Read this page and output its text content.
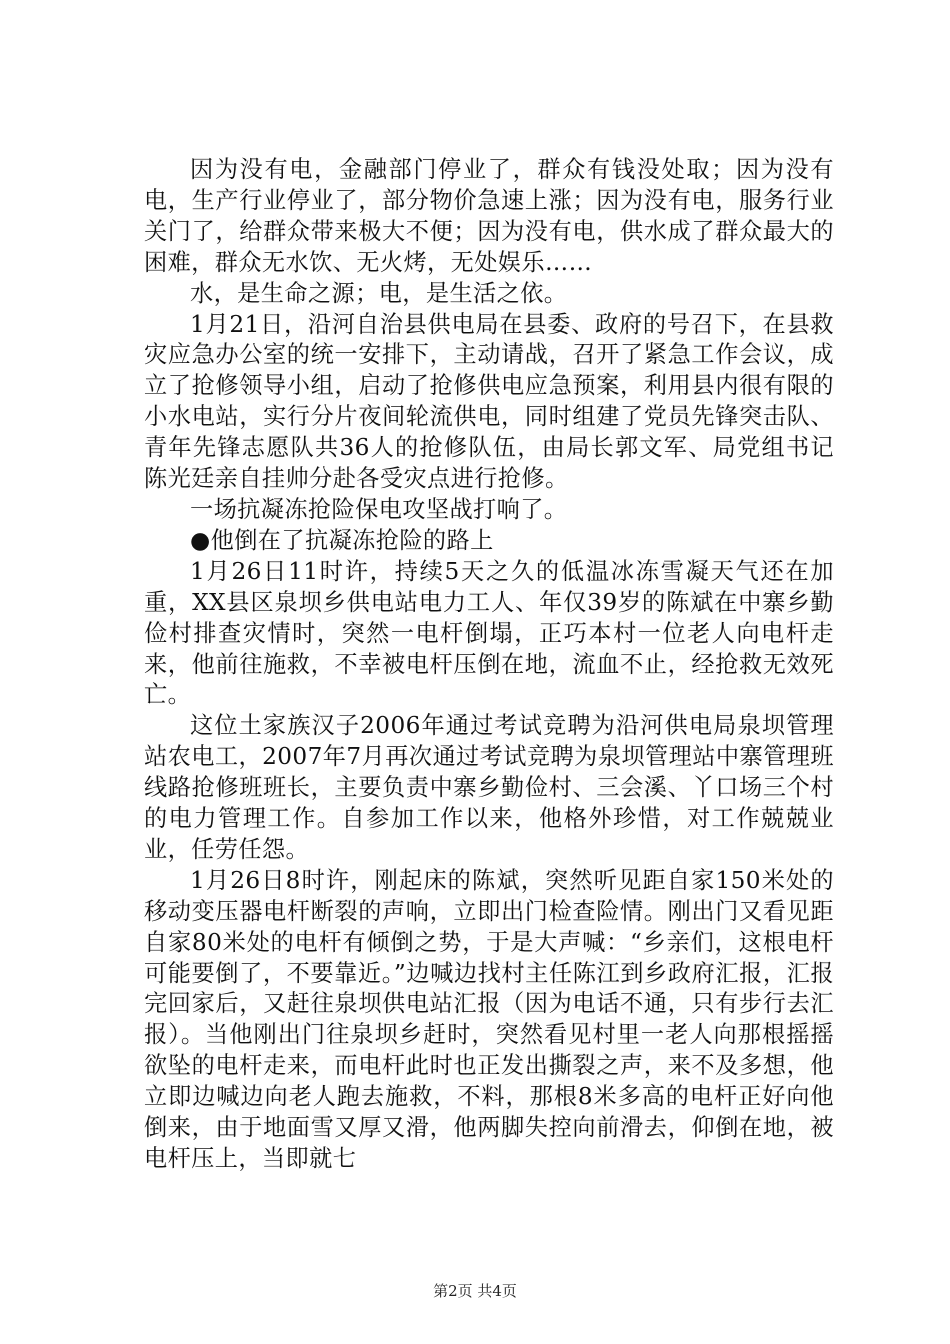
因为没有电，金融部门停业了，群众有钱没处取；因为没有电，生产行业停业了，部分物价急速上涨；因为没有电，服务行业关门了，给群众带来极大不便；因为没有电，供水成了群众最大的困难，群众无水饮、无火烤，无处娱乐……

水，是生命之源；电，是生活之依。

1月21日，沿河自治县供电局在县委、政府的号召下，在县救灾应急办公室的统一安排下，主动请战，召开了紧急工作会议，成立了抢修领导小组，启动了抢修供电应急预案，利用县内很有限的小水电站，实行分片夜间轮流供电，同时组建了党员先锋突击队、青年先锋志愿队共36人的抢修队伍，由局长郭文军、局党组书记陈光廷亲自挂帅分赴各受灾点进行抢修。

一场抗凝冻抢险保电攻坚战打响了。

●他倒在了抗凝冻抢险的路上

1月26日11时许，持续5天之久的低温冰冻雪凝天气还在加重，XX县区泉坝乡供电站电力工人、年仅39岁的陈斌在中寨乡勤俭村排查灾情时，突然一电杆倒塌，正巧本村一位老人向电杆走来，他前往施救，不幸被电杆压倒在地，流血不止，经抢救无效死亡。

这位土家族汉子2006年通过考试竞聘为沿河供电局泉坝管理站农电工，2007年7月再次通过考试竞聘为泉坝管理站中寨管理班线路抢修班班长，主要负责中寨乡勤俭村、三会溪、丫口场三个村的电力管理工作。自参加工作以来，他格外珍惜，对工作兢兢业业，任劳任怨。

1月26日8时许，刚起床的陈斌，突然听见距自家150米处的移动变压器电杆断裂的声响，立即出门检查险情。刚出门又看见距自家80米处的电杆有倾倒之势，于是大声喊：“乡亲们，这根电杆可能要倒了，不要靠近。”边喊边找村主任陈江到乡政府汇报，汇报完回家后，又赶往泉坝供电站汇报（因为电话不通，只有步行去汇报）。当他刚出门往泉坝乡赶时，突然看见村里一老人向那根摇摇欲坠的电杆走来，而电杆此时也正发出撕裂之声，来不及多想，他立即边喊边向老人跑去施救，不料，那根8米多高的电杆正好向他倒来，由于地面雪又厚又滑，他两脚失控向前滑去，仰倒在地，被电杆压上，当即就七

第2页 共4页
